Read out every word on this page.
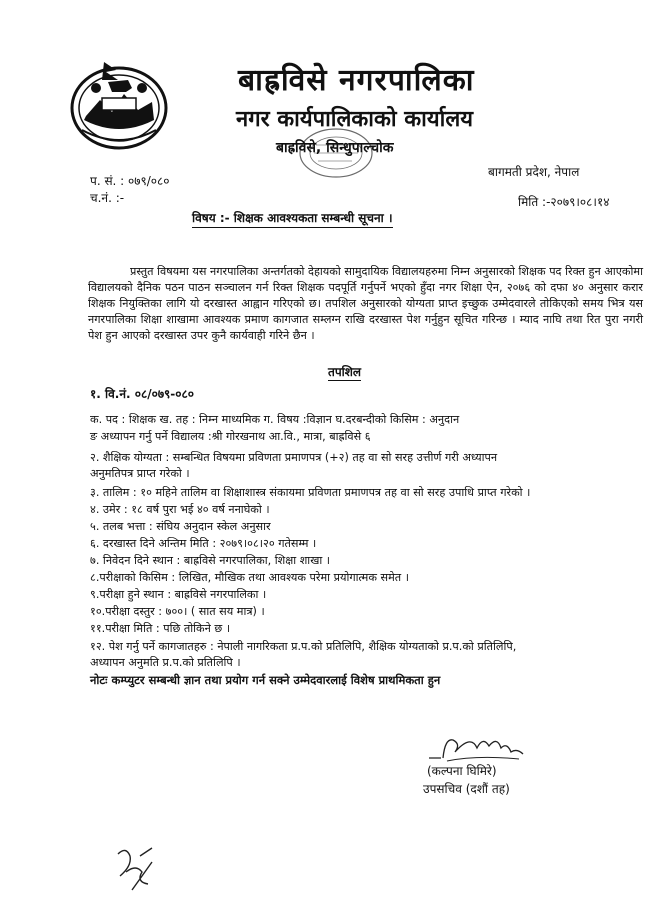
बाह्रविसे नगरपालिका
नगर कार्यपालिकाको कार्यालय
बाह्रविसे, सिन्धुपाल्चोक
बागमती प्रदेश, नेपाल
प. सं. : ०७९/०८०
च.नं. :-	मिति :-२०७९।०८।१४
विषय :- शिक्षक आवश्यकता सम्बन्धी सूचना ।
प्रस्तुत विषयमा यस नगरपालिका अन्तर्गतको देहायको सामुदायिक विद्यालयहरुमा निम्न अनुसारको शिक्षक पद रिक्त हुन आएकोमा विद्यालयको दैनिक पठन पाठन सञ्चालन गर्न रिक्त शिक्षक पदपूर्ति गर्नुपर्ने भएको हुँदा नगर शिक्षा ऐन, २०७६ को दफा ४० अनुसार करार शिक्षक नियुक्तिका लागि यो दरखास्त आह्वान गरिएको छ। तपशिल अनुसारको योग्यता प्राप्त इच्छुक उम्मेदवारले तोकिएको समय भित्र यस नगरपालिका शिक्षा शाखामा आवश्यक प्रमाण कागजात सम्लग्न राखि दरखास्त पेश गर्नुहुन सूचित गरिन्छ । म्याद नाघि तथा रित पुरा नगरी पेश हुन आएको दरखास्त उपर कुनै कार्यवाही गरिने छैन ।
तपशिल
१. वि.नं. ०८/०७९-०८०
क. पद : शिक्षक ख. तह : निम्न माध्यमिक ग. विषय :विज्ञान घ.दरबन्दीको किसिम : अनुदान
ङ अध्यापन गर्नु पर्ने विद्यालय :श्री गोरखनाथ आ.वि., मात्रा, बाह्रविसे ६
२. शैक्षिक योग्यता : सम्बन्धित विषयमा प्रविणता प्रमाणपत्र (+२) तह वा सो सरह उत्तीर्ण गरी अध्यापन
अनुमतिपत्र प्राप्त गरेको ।
३. तालिम : १० महिने तालिम वा शिक्षाशास्त्र संकायमा प्रविणता प्रमाणपत्र तह वा सो सरह उपाधि प्राप्त गरेको ।
४. उमेर : १८ वर्ष पुरा भई ४० वर्ष ननाघेको ।
५. तलब भत्ता : संघिय अनुदान स्केल अनुसार
६. दरखास्त दिने अन्तिम मिति : २०७९।०८।२० गतेसम्म ।
७. निवेदन दिने स्थान : बाह्रविसे नगरपालिका, शिक्षा शाखा ।
८.परीक्षाको किसिम : लिखित, मौखिक तथा आवश्यक परेमा प्रयोगात्मक समेत ।
९.परीक्षा हुने स्थान : बाह्रविसे नगरपालिका ।
१०.परीक्षा दस्तुर : ७००। ( सात सय मात्र) ।
११.परीक्षा मिति : पछि तोकिने छ ।
१२. पेश गर्नु पर्ने कागजातहरु : नेपाली नागरिकता प्र.प.को प्रतिलिपि, शैक्षिक योग्यताको प्र.प.को प्रतिलिपि,
अध्यापन अनुमति प्र.प.को प्रतिलिपि ।
नोटः कम्प्युटर सम्बन्धी ज्ञान तथा प्रयोग गर्न सक्ने उम्मेदवारलाई विशेष प्राथमिकता हुन
(कल्पना घिमिरे)
उपसचिव (दशौं तह)
